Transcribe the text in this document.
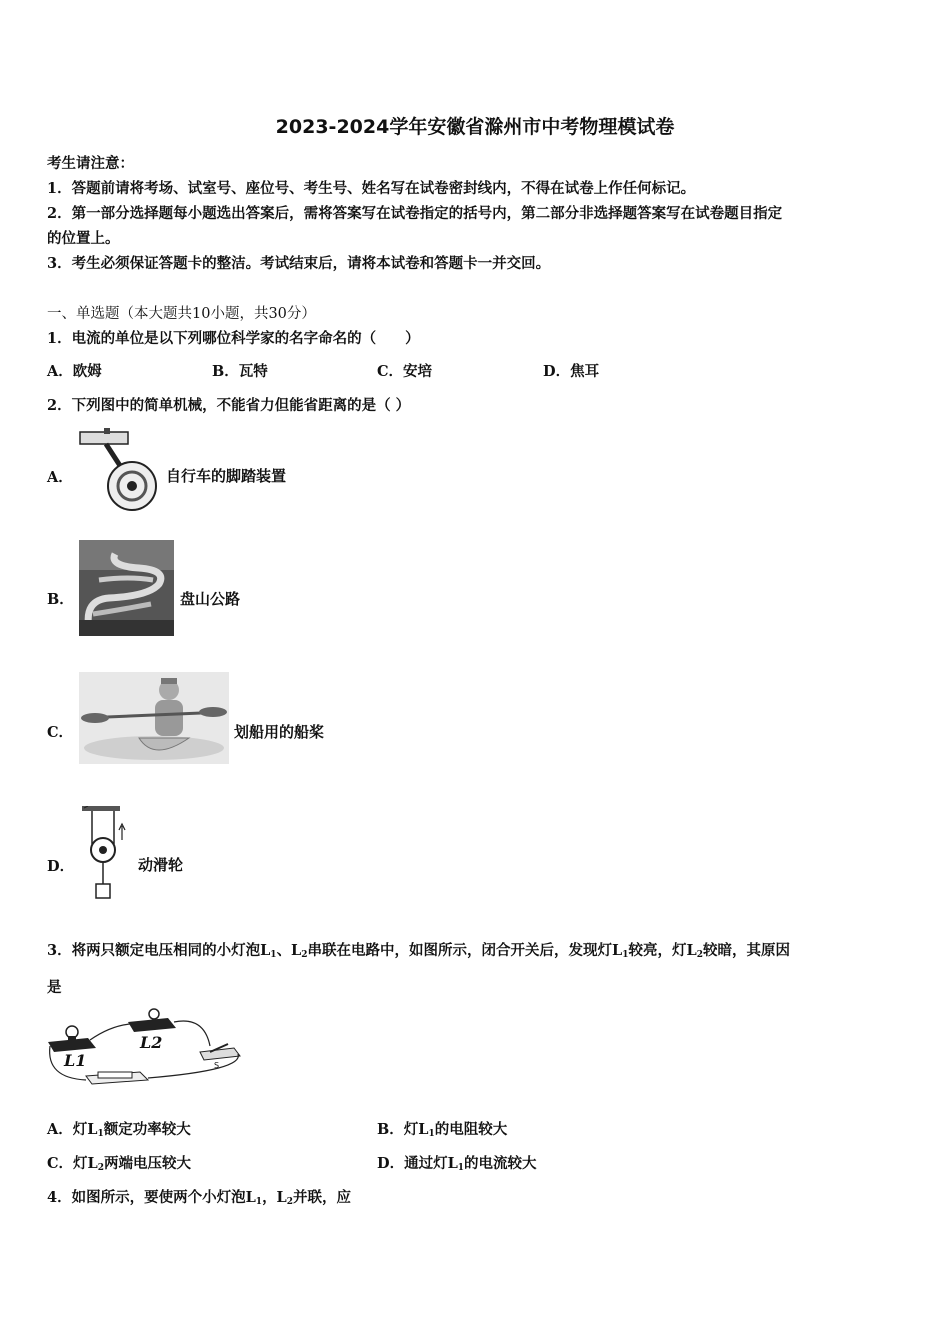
2023-2024学年安徽省滁州市中考物理模试卷
考生请注意：
1．答题前请将考场、试室号、座位号、考生号、姓名写在试卷密封线内，不得在试卷上作任何标记。
2．第一部分选择题每小题选出答案后，需将答案写在试卷指定的括号内，第二部分非选择题答案写在试卷题目指定
的位置上。
3．考生必须保证答题卡的整洁。考试结束后，请将本试卷和答题卡一并交回。
一、单选题（本大题共10小题，共30分）
1．电流的单位是以下列哪位科学家的名字命名的（　　）
A．欧姆	B．瓦特	C．安培	D．焦耳
2．下列图中的简单机械，不能省力但能省距离的是（ ）
A．	自行车的脚踏装置
B．	盘山公路
C．	划船用的船桨
D．	动滑轮
3．将两只额定电压相同的小灯泡$L_1$、$L_2$串联在电路中，如图所示，闭合开关后，发现灯$L_1$较亮，灯$L_2$较暗，其原因
是
L1
L2
S
A．灯$L_1$额定功率较大	B．灯$L_1$的电阻较大
C．灯$L_2$两端电压较大	D．通过灯$L_1$的电流较大
4．如图所示，要使两个小灯泡$L_1$，$L_2$并联，应
